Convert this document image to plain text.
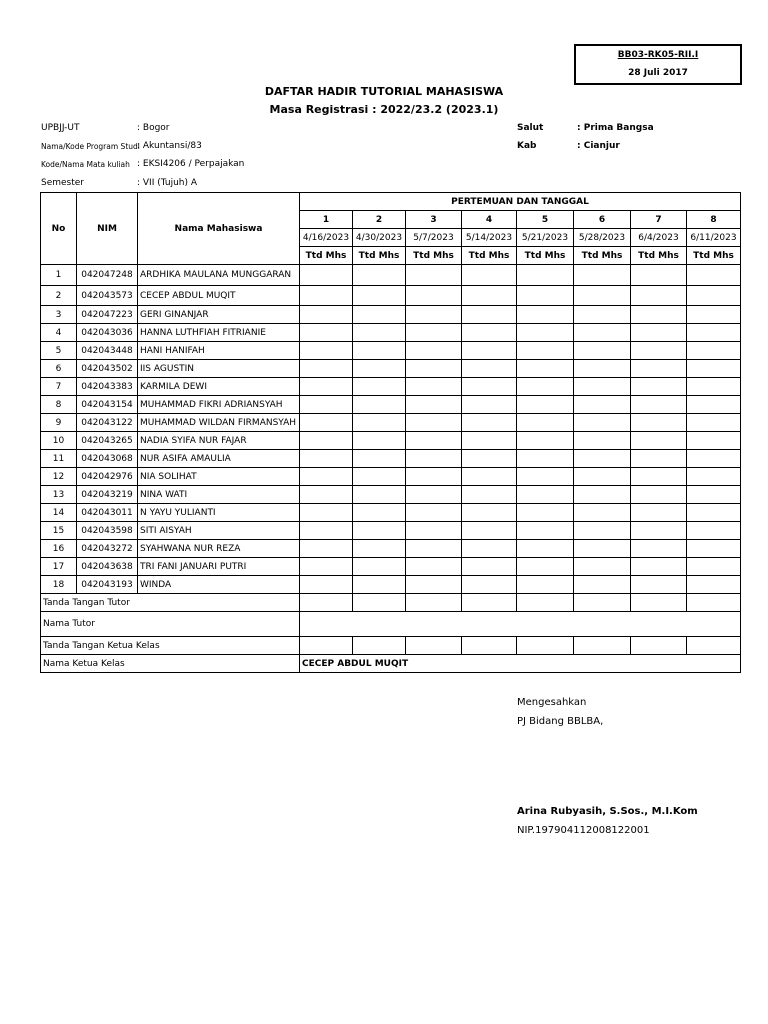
BB03-RK05-RII.I
28 Juli 2017
DAFTAR HADIR TUTORIAL MAHASISWA
Masa Registrasi : 2022/23.2 (2023.1)
UPBJJ-UT	: Bogor
Nama/Kode Program Studi
: Akuntansi/83
Kode/Nama Mata kuliah : EKSI4206 / Perpajakan
Semester	: VII (Tujuh) A
Salut	: Prima Bangsa
Kab	: Cianjur
No	NIM	Nama Mahasiswa	PERTEMUAN DAN TANGGAL							
			1	2	3	4	5	6	7	8
			4/16/2023	4/30/2023	5/7/2023	5/14/2023	5/21/2023	5/28/2023	6/4/2023	6/11/2023
			Ttd Mhs	Ttd Mhs	Ttd Mhs	Ttd Mhs	Ttd Mhs	Ttd Mhs	Ttd Mhs	Ttd Mhs
1	042047248	ARDHIKA MAULANA MUNGGARAN								
2	042043573	CECEP ABDUL MUQIT								
3	042047223	GERI GINANJAR								
4	042043036	HANNA LUTHFIAH FITRIANIE								
5	042043448	HANI HANIFAH								
6	042043502	IIS AGUSTIN								
7	042043383	KARMILA DEWI								
8	042043154	MUHAMMAD FIKRI ADRIANSYAH								
9	042043122	MUHAMMAD WILDAN FIRMANSYAH								
10	042043265	NADIA SYIFA NUR FAJAR								
11	042043068	NUR ASIFA AMAULIA								
12	042042976	NIA SOLIHAT								
13	042043219	NINA WATI								
14	042043011	N YAYU YULIANTI								
15	042043598	SITI AISYAH								
16	042043272	SYAHWANA NUR REZA								
17	042043638	TRI FANI JANUARI PUTRI								
18	042043193	WINDA								
Tanda Tangan Tutor										
Nama Tutor										
Tanda Tangan Ketua Kelas										
Nama Ketua Kelas			CECEP ABDUL MUQIT							
Mengesahkan
PJ Bidang BBLBA,
Arina Rubyasih, S.Sos., M.I.Kom
NIP.197904112008122001
